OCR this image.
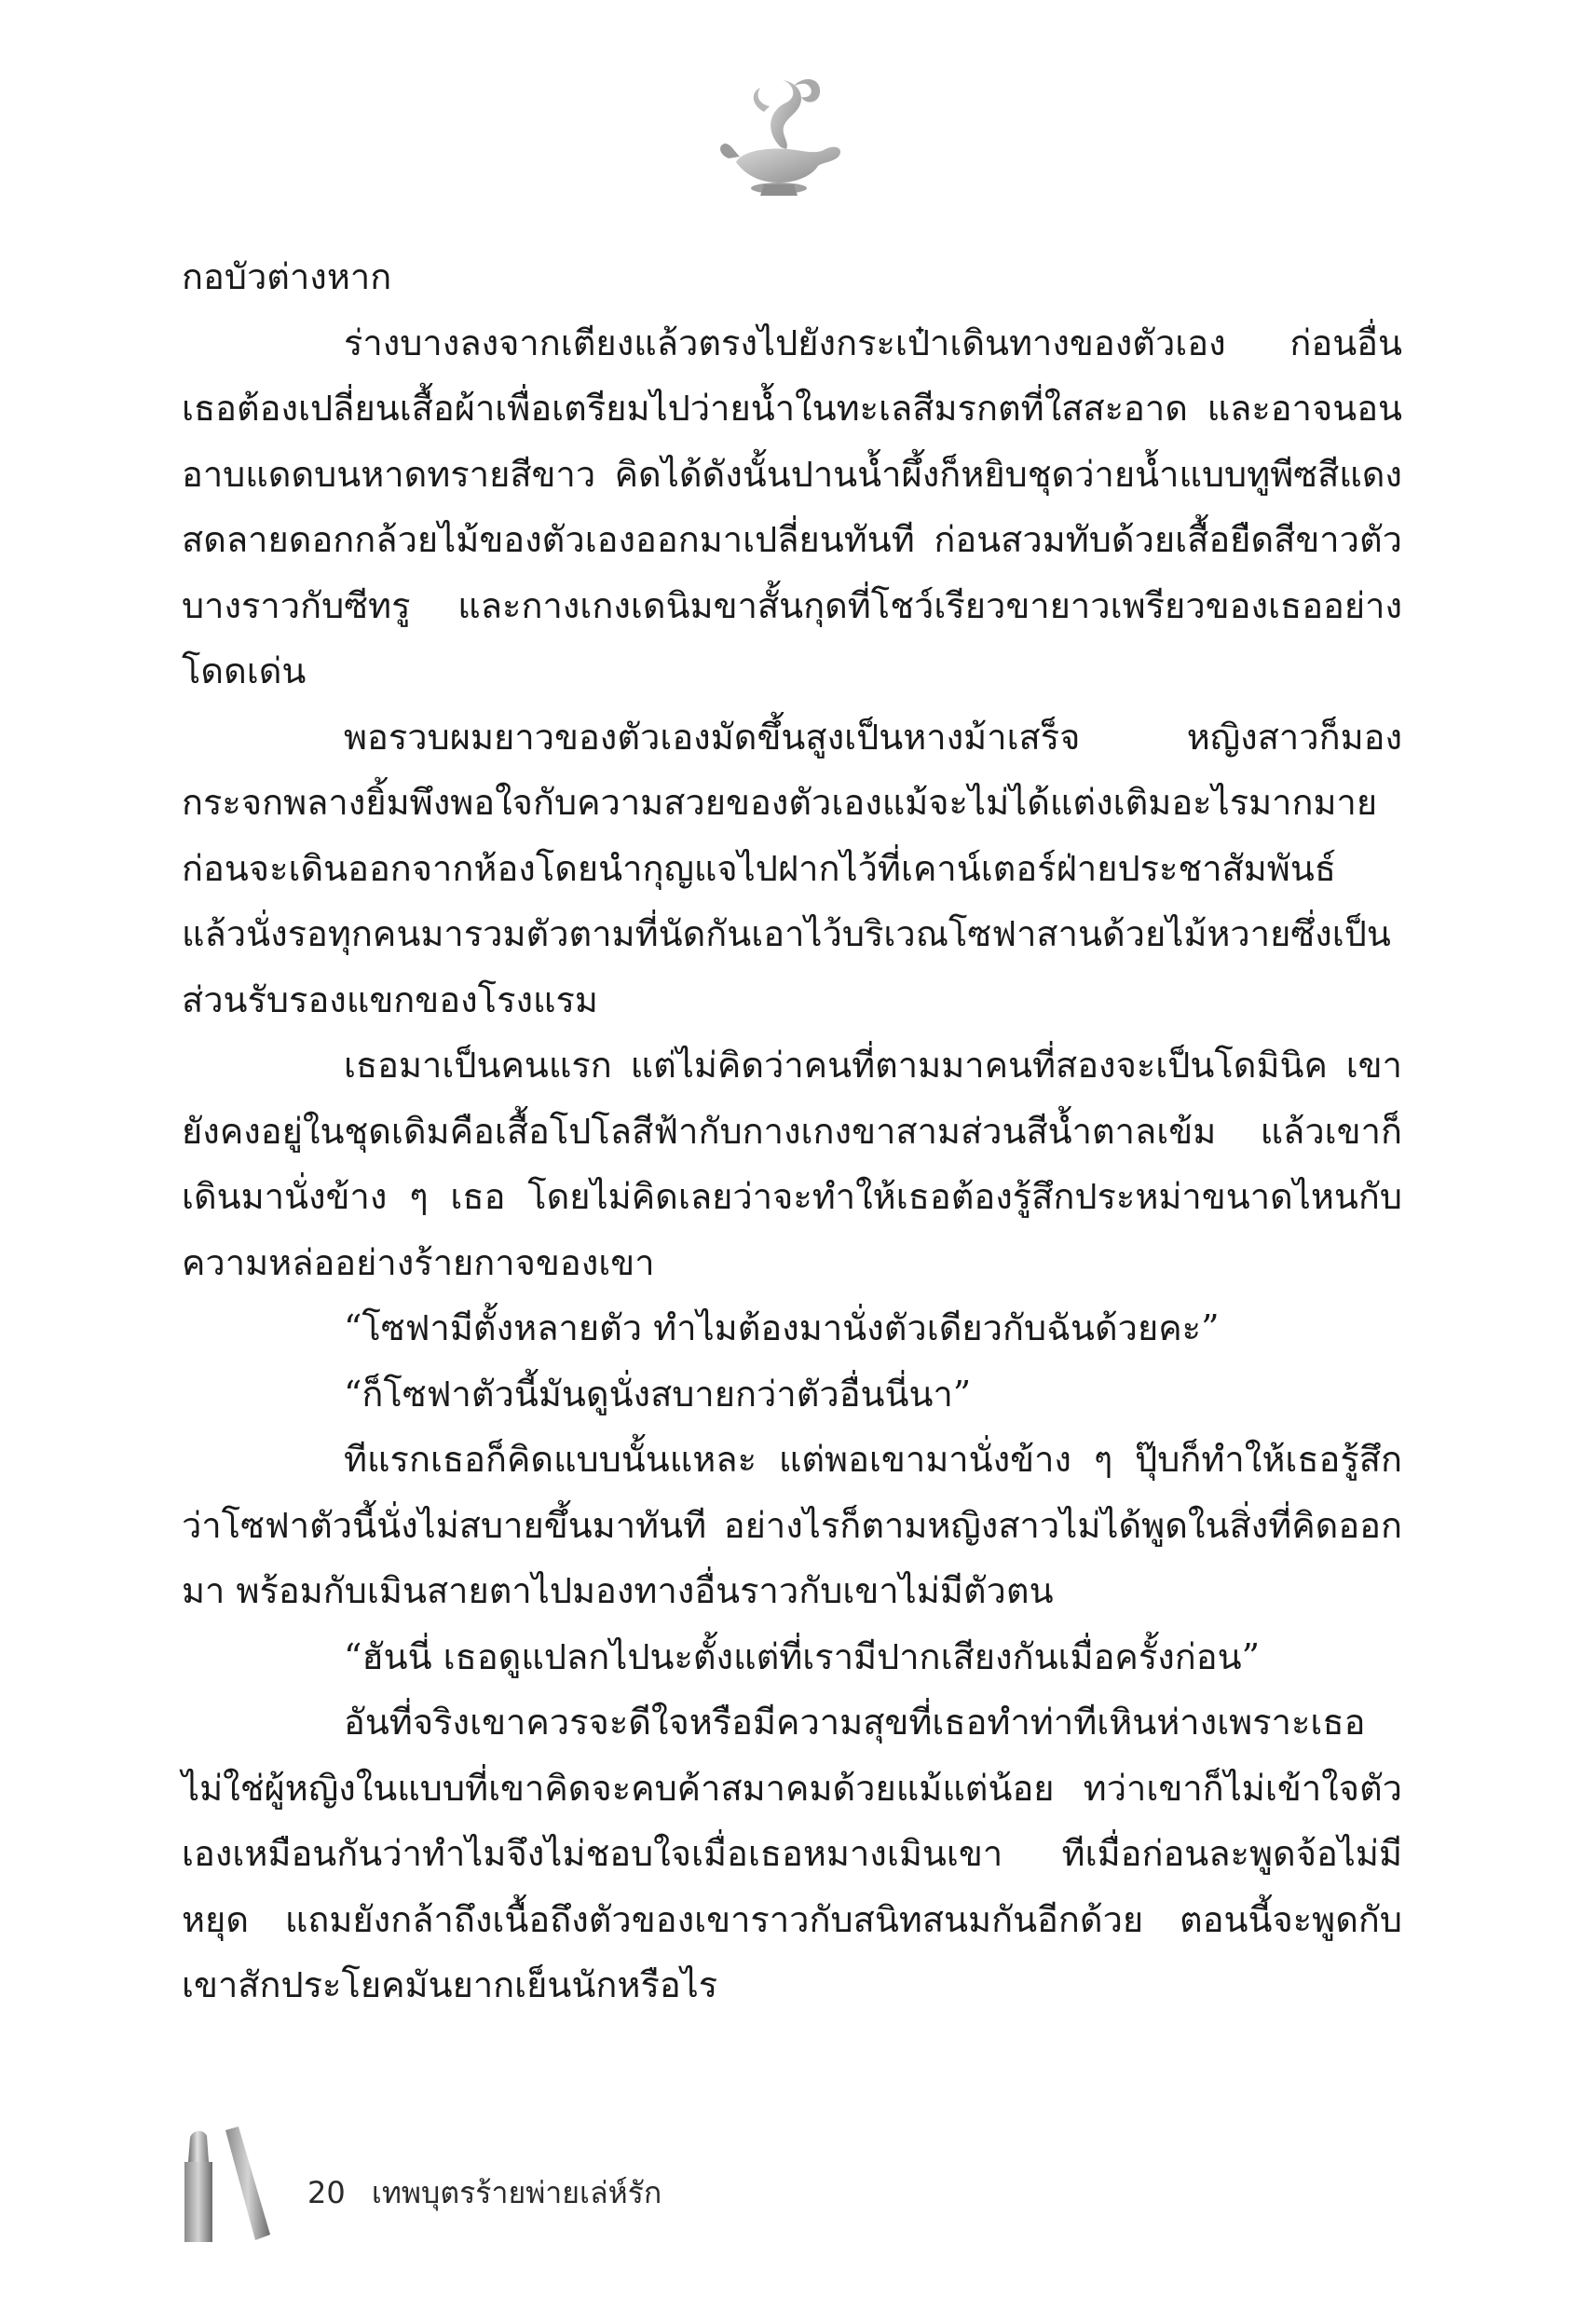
กอบัวต่างหาก

ร่างบางลงจากเตียงแล้วตรงไปยังกระเป๋าเดินทางของตัวเอง ก่อนอื่นเธอต้องเปลี่ยนเสื้อผ้าเพื่อเตรียมไปว่ายน้ำในทะเลสีมรกตที่ใสสะอาด และอาจนอนอาบแดดบนหาดทรายสีขาว คิดได้ดังนั้นปานน้ำผึ้งก็หยิบชุดว่ายน้ำแบบทูพีซสีแดงสดลายดอกกล้วยไม้ของตัวเองออกมาเปลี่ยนทันที ก่อนสวมทับด้วยเสื้อยืดสีขาวตัวบางราวกับซีทรู และกางเกงเดนิมขาสั้นกุดที่โชว์เรียวขายาวเพรียวของเธออย่างโดดเด่น

พอรวบผมยาวของตัวเองมัดขึ้นสูงเป็นหางม้าเสร็จ หญิงสาวก็มองกระจกพลางยิ้มพึงพอใจกับความสวยของตัวเองแม้จะไม่ได้แต่งเติมอะไรมากมาย ก่อนจะเดินออกจากห้องโดยนำกุญแจไปฝากไว้ที่เคาน์เตอร์ฝ่ายประชาสัมพันธ์ แล้วนั่งรอทุกคนมารวมตัวตามที่นัดกันเอาไว้บริเวณโซฟาสานด้วยไม้หวายซึ่งเป็นส่วนรับรองแขกของโรงแรม

เธอมาเป็นคนแรก แต่ไม่คิดว่าคนที่ตามมาคนที่สองจะเป็นโดมินิค เขายังคงอยู่ในชุดเดิมคือเสื้อโปโลสีฟ้ากับกางเกงขาสามส่วนสีน้ำตาลเข้ม แล้วเขาก็เดินมานั่งข้าง ๆ เธอ โดยไม่คิดเลยว่าจะทำให้เธอต้องรู้สึกประหม่าขนาดไหนกับความหล่ออย่างร้ายกาจของเขา

“โซฟามีตั้งหลายตัว ทำไมต้องมานั่งตัวเดียวกับฉันด้วยคะ”

“ก็โซฟาตัวนี้มันดูนั่งสบายกว่าตัวอื่นนี่นา”

ทีแรกเธอก็คิดแบบนั้นแหละ แต่พอเขามานั่งข้าง ๆ ปุ๊บก็ทำให้เธอรู้สึกว่าโซฟาตัวนี้นั่งไม่สบายขึ้นมาทันที อย่างไรก็ตามหญิงสาวไม่ได้พูดในสิ่งที่คิดออกมา พร้อมกับเมินสายตาไปมองทางอื่นราวกับเขาไม่มีตัวตน

“ฮันนี่ เธอดูแปลกไปนะตั้งแต่ที่เรามีปากเสียงกันเมื่อครั้งก่อน”

อันที่จริงเขาควรจะดีใจหรือมีความสุขที่เธอทำท่าทีเหินห่างเพราะเธอไม่ใช่ผู้หญิงในแบบที่เขาคิดจะคบค้าสมาคมด้วยแม้แต่น้อย ทว่าเขาก็ไม่เข้าใจตัวเองเหมือนกันว่าทำไมจึงไม่ชอบใจเมื่อเธอหมางเมินเขา ทีเมื่อก่อนละพูดจ้อไม่มีหยุด แถมยังกล้าถึงเนื้อถึงตัวของเขาราวกับสนิทสนมกันอีกด้วย ตอนนี้จะพูดกับเขาสักประโยคมันยากเย็นนักหรือไร

20 เทพบุตรร้ายพ่ายเล่ห์รัก
